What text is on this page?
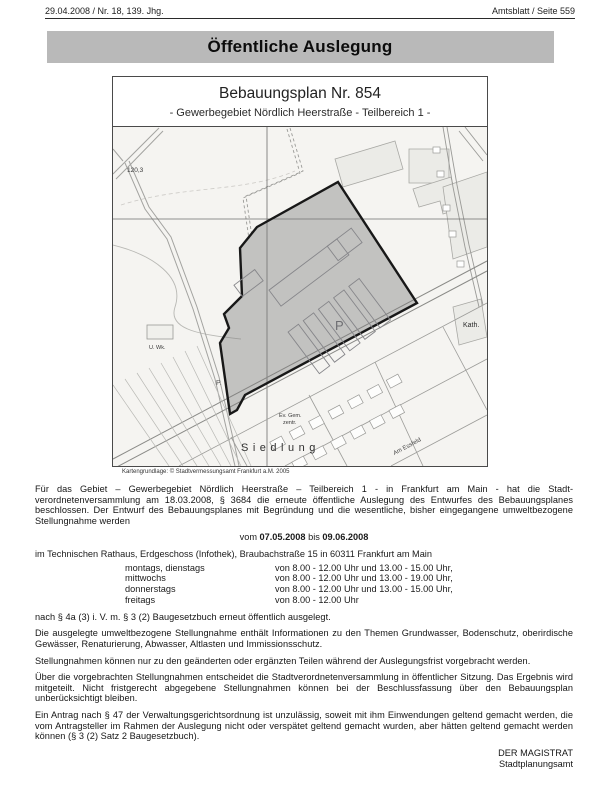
29.04.2008 / Nr. 18, 139. Jhg.	Amtsblatt / Seite 559
Öffentliche Auslegung
Bebauungsplan Nr. 854
- Gewerbegebiet Nördlich Heerstraße - Teilbereich 1 -
120,3
U. Wk.
P
P.
Kath.
Ev. Gem.
zentr.
Siedlung	Am Essfeld
Kartengrundlage: © Stadtvermessungsamt Frankfurt a.M. 2005

Für das Gebiet – Gewerbegebiet Nördlich Heerstraße – Teilbereich 1 - in Frankfurt am Main - hat die Stadtverordnetenversammlung am 18.03.2008, § 3684 die erneute öffentliche Auslegung des Entwurfes des Bebauungsplanes beschlossen. Der Entwurf des Bebauungsplanes mit Begründung und die wesentliche, bisher eingegangene umweltbezogene Stellungnahme werden

vom 07.05.2008 bis 09.06.2008
im Technischen Rathaus, Erdgeschoss (Infothek), Braubachstraße 15 in 60311 Frankfurt am Main
montags, dienstags	von 8.00 - 12.00 Uhr und 13.00 - 15.00 Uhr,
mittwochs	von 8.00 - 12.00 Uhr und 13.00 - 19.00 Uhr,
donnerstags	von 8.00 - 12.00 Uhr und 13.00 - 15.00 Uhr,
freitags	von 8.00 - 12.00 Uhr

nach § 4a (3) i. V. m. § 3 (2) Baugesetzbuch erneut öffentlich ausgelegt.

Die ausgelegte umweltbezogene Stellungnahme enthält Informationen zu den Themen Grundwasser, Bodenschutz, oberirdische Gewässer, Renaturierung, Abwasser, Altlasten und Immissionsschutz.

Stellungnahmen können nur zu den geänderten oder ergänzten Teilen während der Auslegungsfrist vorgebracht werden.

Über die vorgebrachten Stellungnahmen entscheidet die Stadtverordnetenversammlung in öffentlicher Sitzung. Das Ergebnis wird mitgeteilt. Nicht fristgerecht abgegebene Stellungnahmen können bei der Beschlussfassung über den Bebauungsplan unberücksichtigt bleiben.

Ein Antrag nach § 47 der Verwaltungsgerichtsordnung ist unzulässig, soweit mit ihm Einwendungen geltend gemacht werden, die vom Antragsteller im Rahmen der Auslegung nicht oder verspätet geltend gemacht wurden, aber hätten geltend gemacht werden können (§ 3 (2) Satz 2 Baugesetzbuch).

DER MAGISTRAT
Stadtplanungsamt
